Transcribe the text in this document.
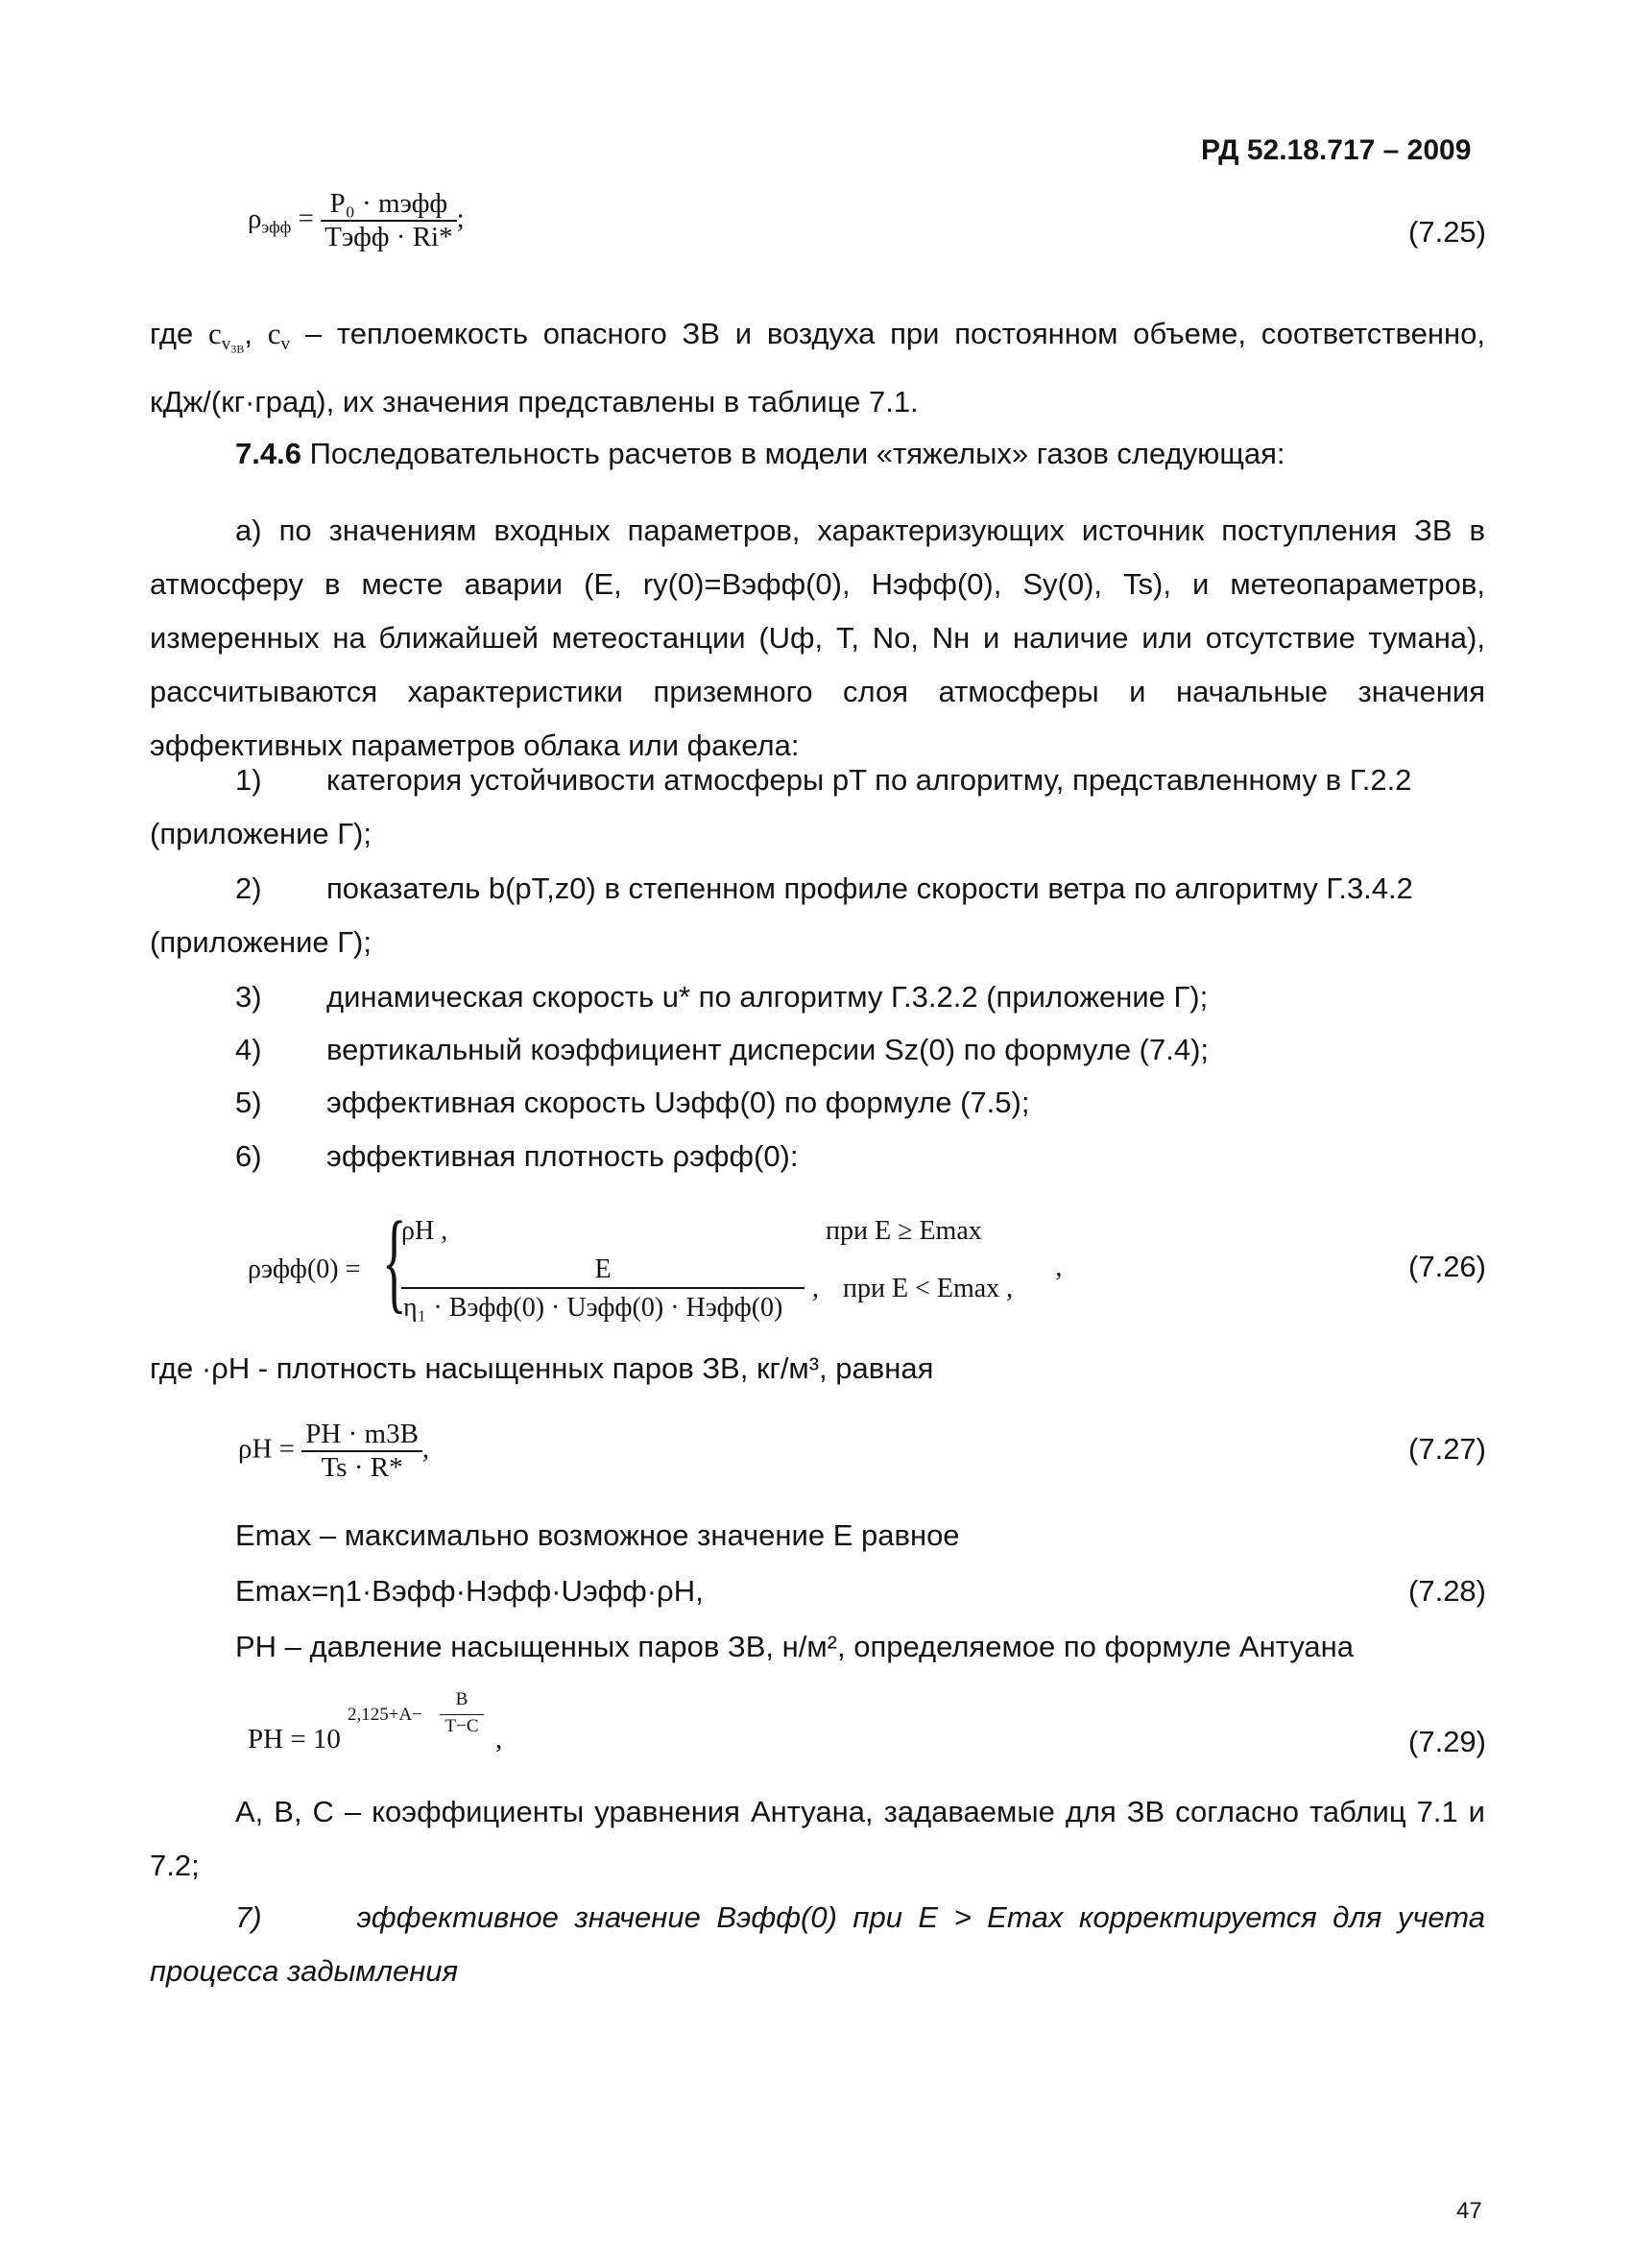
РД 52.18.717 – 2009
$\rho_{эфф} = \frac{\text{P₀ · mэфф}}{\text{Tэфф · Ri*}}$ ;	(7.25)
где $c_{v_{3B}}$, $c_v$ – теплоемкость опасного ЗВ и воздуха при постоянном объеме, соответственно, кДж/(кг·град), их значения представлены в таблице 7.1.
7.4.6 Последовательность расчетов в модели «тяжелых» газов следующая:
а) по значениям входных параметров, характеризующих источник поступления ЗВ в атмосферу в месте аварии (E, rу(0)=Bэфф(0), Hэфф(0), Sу(0), Ts), и метеопараметров, измеренных на ближайшей метеостанции (Uф, T, No, Nн и наличие или отсутствие тумана), рассчитываются характеристики приземного слоя атмосферы и начальные значения эффективных параметров облака или факела:
1) категория устойчивости атмосферы pT по алгоритму, представленному в Г.2.2
(приложение Г);
2) показатель b(pT,z0) в степенном профиле скорости ветра по алгоритму Г.3.4.2
(приложение Г);
3) динамическая скорость u* по алгоритму Г.3.2.2 (приложение Г);
4) вертикальный коэффициент дисперсии Sz(0) по формуле (7.4);
5) эффективная скорость Uэфф(0) по формуле (7.5);
6) эффективная плотность ρэфф(0):
ρэфф(0) = {
ρH ,	при E ≥ Emax
E
η₁ · Bэфф(0) · Uэфф(0) · Hэфф(0)
, при E < Emax , ’	(7.26)
где ·ρH - плотность насыщенных паров ЗВ, кг/м³, равная
$\rho H = \frac{PH \cdot m3B}{Ts \cdot R*}$ ,	(7.27)
Emax – максимально возможное значение E равное
Emax=η1·Bэфф·Hэфф·Uэфф·ρH,	(7.28)
PH – давление насыщенных паров ЗВ, н/м², определяемое по формуле Антуана
PH = 10
2,125+A−
B
T−C ,	(7.29)
A, B, C – коэффициенты уравнения Антуана, задаваемые для ЗВ согласно таблиц 7.1 и 7.2;
7)	эффективное значение Bэфф(0) при E > Emax корректируется для учета процесса задымления
47
